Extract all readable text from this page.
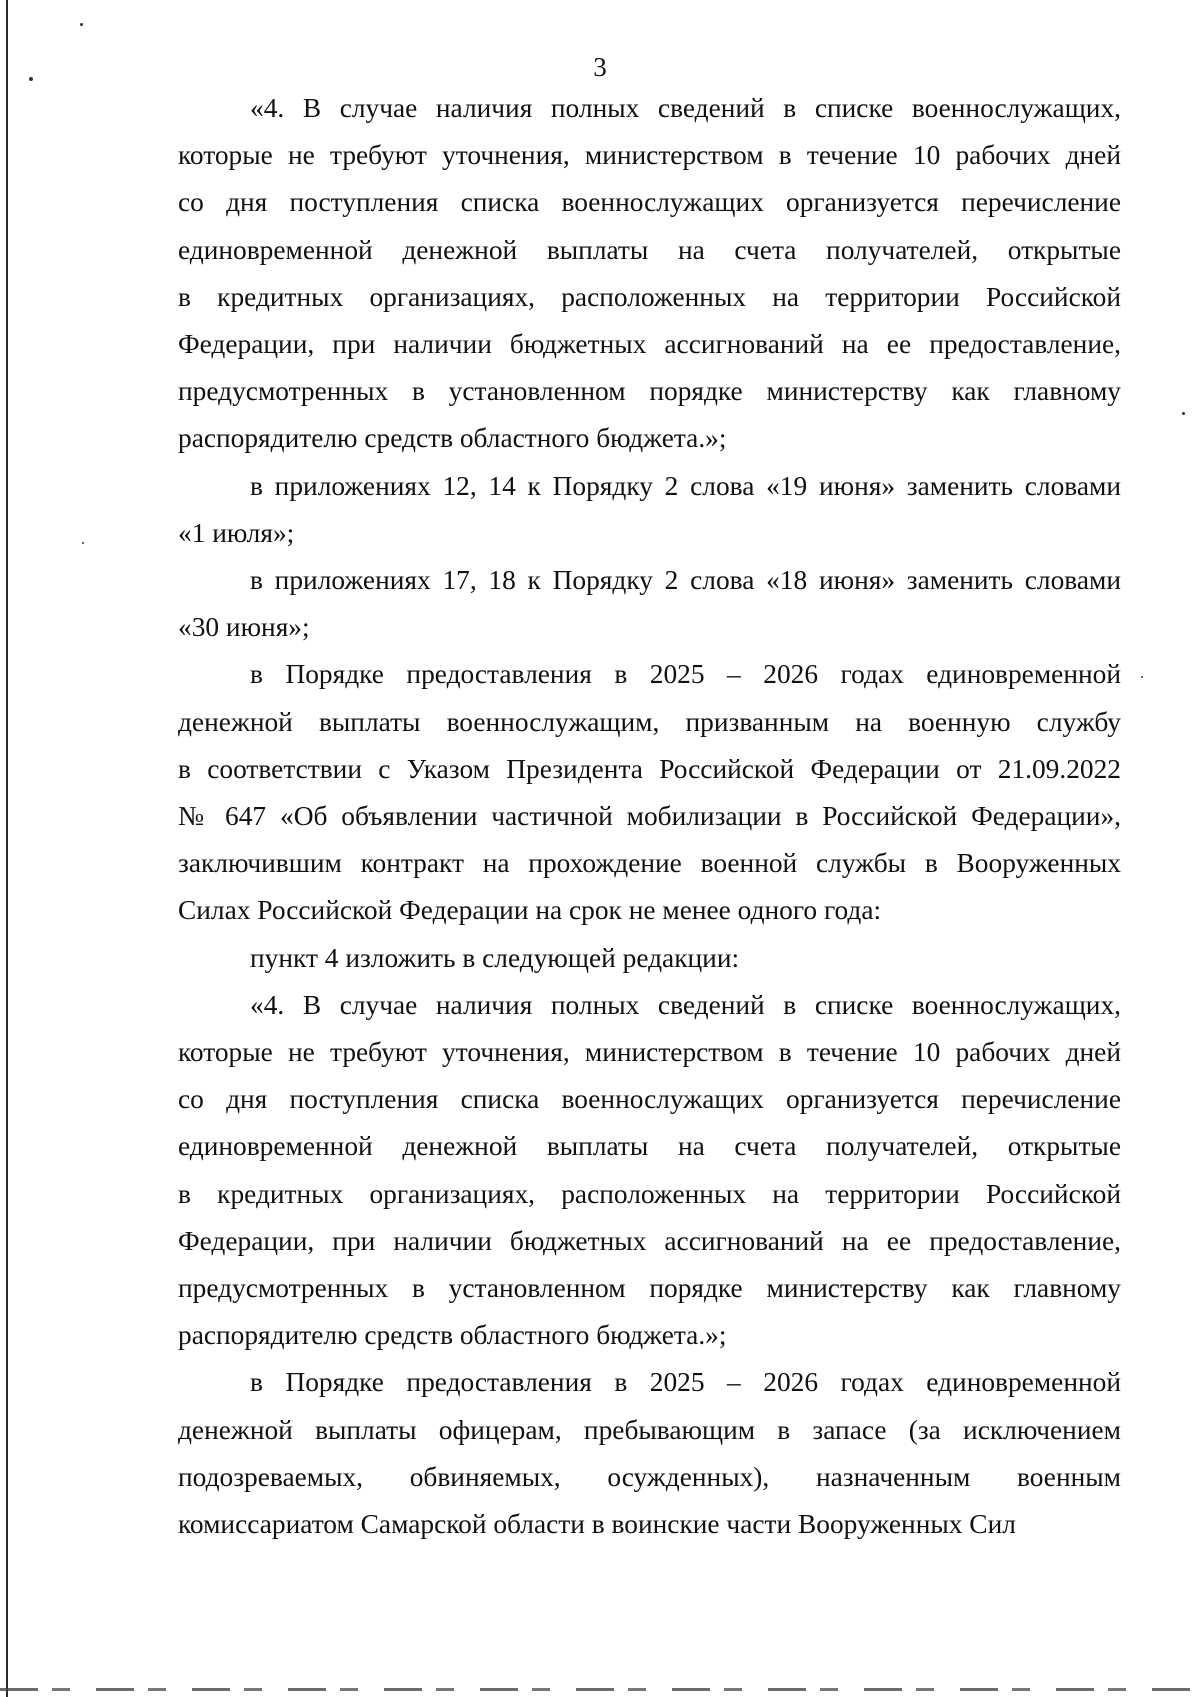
3
«4. В случае наличия полных сведений в списке военнослужащих,
которые не требуют уточнения, министерством в течение 10 рабочих дней
со дня поступления списка военнослужащих организуется перечисление
единовременной денежной выплаты на счета получателей, открытые
в кредитных организациях, расположенных на территории Российской
Федерации, при наличии бюджетных ассигнований на ее предоставление,
предусмотренных в установленном порядке министерству как главному
распорядителю средств областного бюджета.»;
в приложениях 12, 14 к Порядку 2 слова «19 июня» заменить словами
«1 июля»;
в приложениях 17, 18 к Порядку 2 слова «18 июня» заменить словами
«30 июня»;
в Порядке предоставления в 2025 – 2026 годах единовременной
денежной выплаты военнослужащим, призванным на военную службу
в соответствии с Указом Президента Российской Федерации от 21.09.2022
№ 647 «Об объявлении частичной мобилизации в Российской Федерации»,
заключившим контракт на прохождение военной службы в Вооруженных
Силах Российской Федерации на срок не менее одного года:
пункт 4 изложить в следующей редакции:
«4. В случае наличия полных сведений в списке военнослужащих,
которые не требуют уточнения, министерством в течение 10 рабочих дней
со дня поступления списка военнослужащих организуется перечисление
единовременной денежной выплаты на счета получателей, открытые
в кредитных организациях, расположенных на территории Российской
Федерации, при наличии бюджетных ассигнований на ее предоставление,
предусмотренных в установленном порядке министерству как главному
распорядителю средств областного бюджета.»;
в Порядке предоставления в 2025 – 2026 годах единовременной
денежной выплаты офицерам, пребывающим в запасе (за исключением
подозреваемых, обвиняемых, осужденных), назначенным военным
комиссариатом Самарской области в воинские части Вооруженных Сил
